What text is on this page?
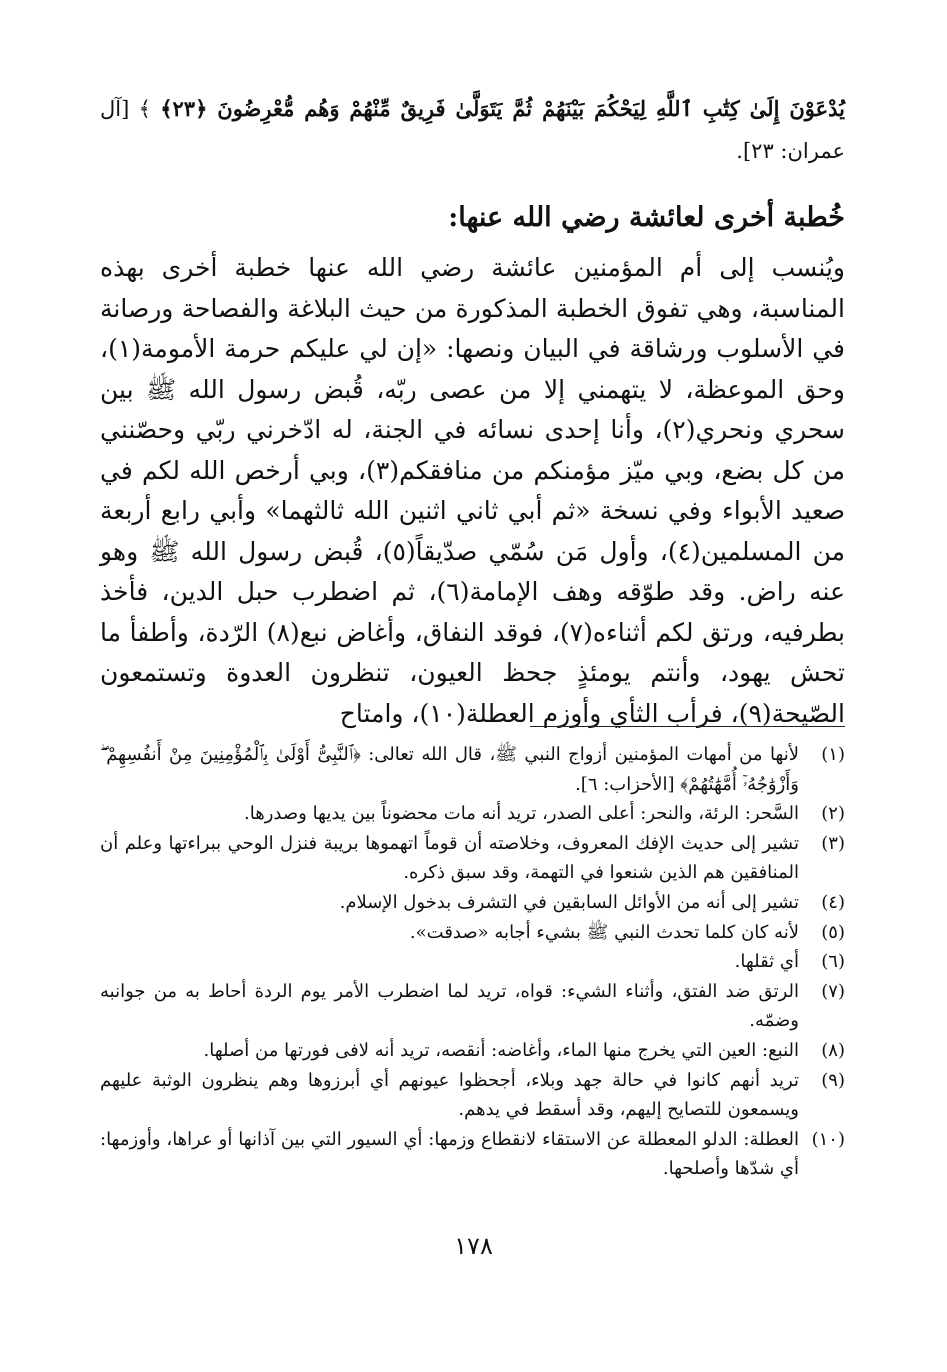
يُدْعَوْنَ إِلَىٰ كِتَٰبِ ٱللَّهِ لِيَحْكُمَ بَيْنَهُمْ ثُمَّ يَتَوَلَّىٰ فَرِيقٌ مِّنْهُمْ وَهُم مُّعْرِضُونَ ﴿٢٣﴾ ﴾ [آل عمران: ٢٣].

خُطبة أخرى لعائشة رضي الله عنها:

ويُنسب إلى أم المؤمنين عائشة رضي الله عنها خطبة أخرى بهذه المناسبة، وهي تفوق الخطبة المذكورة من حيث البلاغة والفصاحة ورصانة في الأسلوب ورشاقة في البيان ونصها: «إن لي عليكم حرمة الأمومة(١)، وحق الموعظة، لا يتهمني إلا من عصى ربّه، قُبض رسول الله ﷺ بين سحري ونحري(٢)، وأنا إحدى نسائه في الجنة، له ادّخرني ربّي وحصّنني من كل بضع، وبي ميّز مؤمنكم من منافقكم(٣)، وبي أرخص الله لكم في صعيد الأبواء وفي نسخة «ثم أبي ثاني اثنين الله ثالثهما» وأبي رابع أربعة من المسلمين(٤)، وأول مَن سُمّي صدّيقاً(٥)، قُبض رسول الله ﷺ وهو عنه راض. وقد طوّقه وهف الإمامة(٦)، ثم اضطرب حبل الدين، فأخذ بطرفيه، ورتق لكم أثناءه(٧)، فوقد النفاق، وأغاض نبع(٨) الرّدة، وأطفأ ما تحش يهود، وأنتم يومئذٍ جحظ العيون، تنظرون العدوة وتستمعون الصّيحة(٩)، فرأب الثأي وأوزم العطلة(١٠)، وامتاح

(١)
لأنها من أمهات المؤمنين أزواج النبي ﷺ، قال الله تعالى: ﴿ٱلنَّبِىُّ أَوْلَىٰ بِٱلْمُؤْمِنِينَ مِنْ أَنفُسِهِمْ ۖ وَأَزْوَٰجُهُۥٓ أُمَّهَٰتُهُمْ﴾ [الأحزاب: ٦].
(٢)
السَّحر: الرئة، والنحر: أعلى الصدر، تريد أنه مات محضوناً بين يديها وصدرها.
(٣)
تشير إلى حديث الإفك المعروف، وخلاصته أن قوماً اتهموها بريبة فنزل الوحي ببراءتها وعلم أن المنافقين هم الذين شنعوا في التهمة، وقد سبق ذكره.
(٤)
تشير إلى أنه من الأوائل السابقين في التشرف بدخول الإسلام.
(٥)
لأنه كان كلما تحدث النبي ﷺ بشيء أجابه «صدقت».
(٦)
أي ثقلها.
(٧)
الرتق ضد الفتق، وأثناء الشيء: قواه، تريد لما اضطرب الأمر يوم الردة أحاط به من جوانبه وضمّه.
(٨)
النبع: العين التي يخرج منها الماء، وأغاضه: أنقصه، تريد أنه لافى فورتها من أصلها.
(٩)
تريد أنهم كانوا في حالة جهد وبلاء، أجحظوا عيونهم أي أبرزوها وهم ينظرون الوثبة عليهم ويسمعون للتصايح إليهم، وقد أسقط في يدهم.
(١٠)
العطلة: الدلو المعطلة عن الاستقاء لانقطاع وزمها: أي السيور التي بين آذانها أو عراها، وأوزمها: أي شدّها وأصلحها.
١٧٨
